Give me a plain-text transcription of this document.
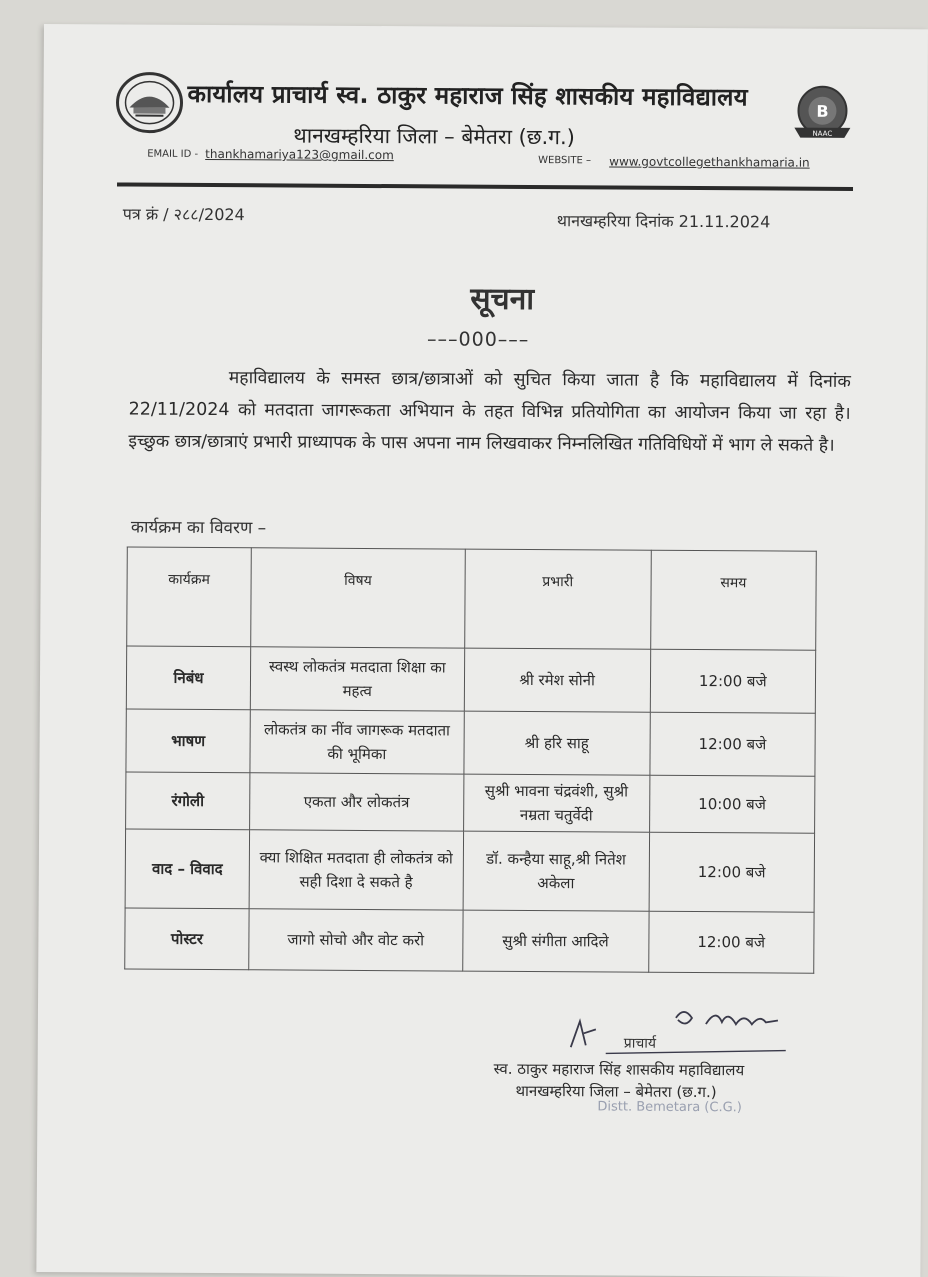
कार्यालय प्राचार्य स्व. ठाकुर महाराज सिंह शासकीय महाविद्यालय
थानखम्हरिया जिला – बेमेतरा (छ.ग.)
EMAIL ID - thankhamariya123@gmail.com	WEBSITE – www.govtcollegethankhamaria.in
B
NAAC
पत्र क्रं / २८८/2024	थानखम्हरिया दिनांक 21.11.2024
सूचना
–––000–––
महाविद्यालय के समस्त छात्र/छात्राओं को सुचित किया जाता है कि महाविद्यालय में दिनांक 22/11/2024 को मतदाता जागरूकता अभियान के तहत विभिन्न प्रतियोगिता का आयोजन किया जा रहा है। इच्छुक छात्र/छात्राएं प्रभारी प्राध्यापक के पास अपना नाम लिखवाकर निम्नलिखित गतिविधियों में भाग ले सकते है।
कार्यक्रम का विवरण –
कार्यक्रम	विषय	प्रभारी	समय
निबंध	स्वस्थ लोकतंत्र मतदाता शिक्षा का महत्व	श्री रमेश सोनी	12:00 बजे
भाषण	लोकतंत्र का नींव जागरूक मतदाता की भूमिका	श्री हरि साहू	12:00 बजे
रंगोली	एकता और लोकतंत्र	सुश्री भावना चंद्रवंशी, सुश्री नम्रता चतुर्वेदी	10:00 बजे
वाद – विवाद	क्या शिक्षित मतदाता ही लोकतंत्र को सही दिशा दे सकते है	डॉ. कन्हैया साहू,श्री नितेश अकेला	12:00 बजे
पोस्टर	जागो सोचो और वोट करो	सुश्री संगीता आदिले	12:00 बजे
प्राचार्य
स्व. ठाकुर महाराज सिंह शासकीय महाविद्यालय
थानखम्हरिया जिला – बेमेतरा (छ.ग.)
Distt. Bemetara (C.G.)
